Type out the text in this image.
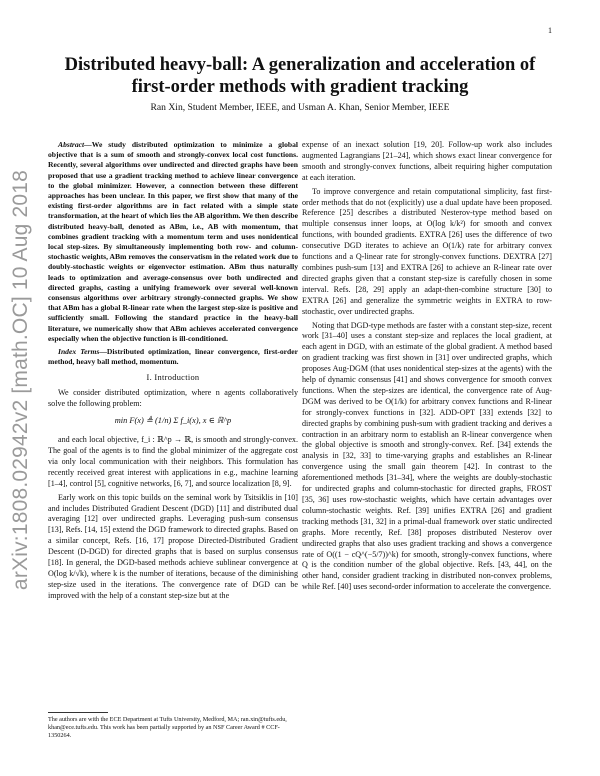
1
arXiv:1808.02942v2 [math.OC] 10 Aug 2018
Distributed heavy-ball: A generalization and acceleration of first-order methods with gradient tracking
Ran Xin, Student Member, IEEE, and Usman A. Khan, Senior Member, IEEE

Abstract—We study distributed optimization to minimize a global objective that is a sum of smooth and strongly-convex local cost functions. Recently, several algorithms over undirected and directed graphs have been proposed that use a gradient tracking method to achieve linear convergence to the global minimizer. However, a connection between these different approaches has been unclear. In this paper, we first show that many of the existing first-order algorithms are in fact related with a simple state transformation, at the heart of which lies the AB algorithm. We then describe distributed heavy-ball, denoted as ABm, i.e., AB with momentum, that combines gradient tracking with a momentum term and uses nonidentical local step-sizes. By simultaneously implementing both row- and column-stochastic weights, ABm removes the conservatism in the related work due to doubly-stochastic weights or eigenvector estimation. ABm thus naturally leads to optimization and average-consensus over both undirected and directed graphs, casting a unifying framework over several well-known consensus algorithms over arbitrary strongly-connected graphs. We show that ABm has a global R-linear rate when the largest step-size is positive and sufficiently small. Following the standard practice in the heavy-ball literature, we numerically show that ABm achieves accelerated convergence especially when the objective function is ill-conditioned.

Index Terms—Distributed optimization, linear convergence, first-order method, heavy ball method, momentum.

I. Introduction

We consider distributed optimization, where n agents collaboratively solve the following problem:

min F(x) ≜ (1/n) Σ f_i(x), x ∈ ℝ^p

and each local objective, f_i : ℝ^p → ℝ, is smooth and strongly-convex. The goal of the agents is to find the global minimizer of the aggregate cost via only local communication with their neighbors. This formulation has recently received great interest with applications in e.g., machine learning [1–4], control [5], cognitive networks, [6, 7], and source localization [8, 9].

Early work on this topic builds on the seminal work by Tsitsiklis in [10] and includes Distributed Gradient Descent (DGD) [11] and distributed dual averaging [12] over undirected graphs. Leveraging push-sum consensus [13], Refs. [14, 15] extend the DGD framework to directed graphs. Based on a similar concept, Refs. [16, 17] propose Directed-Distributed Gradient Descent (D-DGD) for directed graphs that is based on surplus consensus [18]. In general, the DGD-based methods achieve sublinear convergence at O(log k/√k), where k is the number of iterations, because of the diminishing step-size used in the iterations. The convergence rate of DGD can be improved with the help of a constant step-size but at the

The authors are with the ECE Department at Tufts University, Medford, MA; ran.xin@tufts.edu, khan@ece.tufts.edu. This work has been partially supported by an NSF Career Award # CCF-1350264.

expense of an inexact solution [19, 20]. Follow-up work also includes augmented Lagrangians [21–24], which shows exact linear convergence for smooth and strongly-convex functions, albeit requiring higher computation at each iteration.

To improve convergence and retain computational simplicity, fast first-order methods that do not (explicitly) use a dual update have been proposed. Reference [25] describes a distributed Nesterov-type method based on multiple consensus inner loops, at O(log k/k²) for smooth and convex functions, with bounded gradients. EXTRA [26] uses the difference of two consecutive DGD iterates to achieve an O(1/k) rate for arbitrary convex functions and a Q-linear rate for strongly-convex functions. DEXTRA [27] combines push-sum [13] and EXTRA [26] to achieve an R-linear rate over directed graphs given that a constant step-size is carefully chosen in some interval. Refs. [28, 29] apply an adapt-then-combine structure [30] to EXTRA [26] and generalize the symmetric weights in EXTRA to row-stochastic, over undirected graphs.

Noting that DGD-type methods are faster with a constant step-size, recent work [31–40] uses a constant step-size and replaces the local gradient, at each agent in DGD, with an estimate of the global gradient. A method based on gradient tracking was first shown in [31] over undirected graphs, which proposes Aug-DGM (that uses nonidentical step-sizes at the agents) with the help of dynamic consensus [41] and shows convergence for smooth convex functions. When the step-sizes are identical, the convergence rate of Aug-DGM was derived to be O(1/k) for arbitrary convex functions and R-linear for strongly-convex functions in [32]. ADD-OPT [33] extends [32] to directed graphs by combining push-sum with gradient tracking and derives a contraction in an arbitrary norm to establish an R-linear convergence when the global objective is smooth and strongly-convex. Ref. [34] extends the analysis in [32, 33] to time-varying graphs and establishes an R-linear convergence using the small gain theorem [42]. In contrast to the aforementioned methods [31–34], where the weights are doubly-stochastic for undirected graphs and column-stochastic for directed graphs, FROST [35, 36] uses row-stochastic weights, which have certain advantages over column-stochastic weights. Ref. [39] unifies EXTRA [26] and gradient tracking methods [31, 32] in a primal-dual framework over static undirected graphs. More recently, Ref. [38] proposes distributed Nesterov over undirected graphs that also uses gradient tracking and shows a convergence rate of O((1 − cQ^(−5/7))^k) for smooth, strongly-convex functions, where Q is the condition number of the global objective. Refs. [43, 44], on the other hand, consider gradient tracking in distributed non-convex problems, while Ref. [40] uses second-order information to accelerate the convergence.
